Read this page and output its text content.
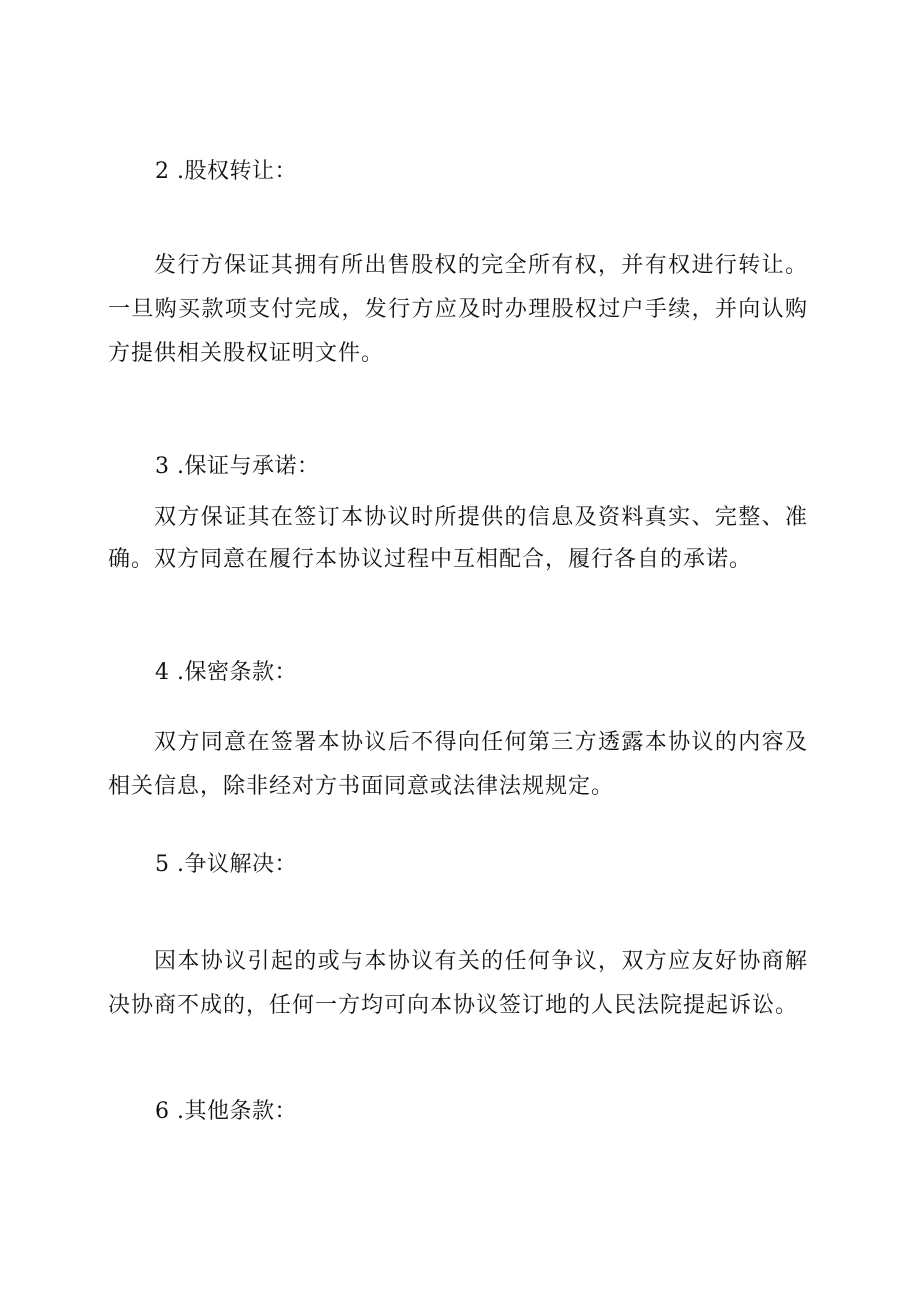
2 .股权转让：
发行方保证其拥有所出售股权的完全所有权，并有权进行转让。一旦购买款项支付完成，发行方应及时办理股权过户手续，并向认购方提供相关股权证明文件。
3 .保证与承诺：
双方保证其在签订本协议时所提供的信息及资料真实、完整、准确。双方同意在履行本协议过程中互相配合，履行各自的承诺。
4 .保密条款：
双方同意在签署本协议后不得向任何第三方透露本协议的内容及相关信息，除非经对方书面同意或法律法规规定。
5 .争议解决：
因本协议引起的或与本协议有关的任何争议，双方应友好协商解决协商不成的，任何一方均可向本协议签订地的人民法院提起诉讼。
6 .其他条款：
